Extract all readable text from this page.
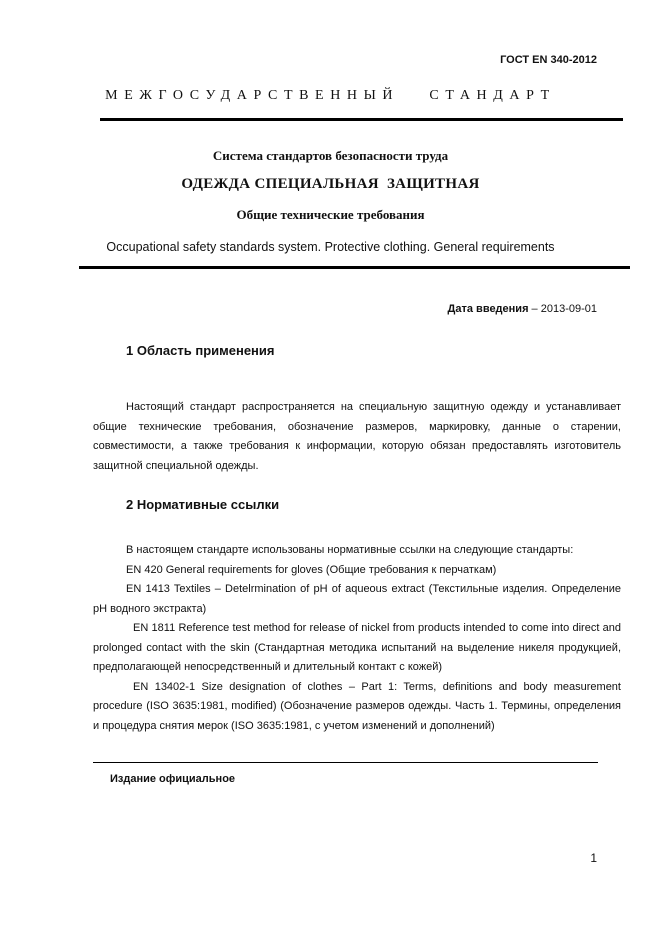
ГОСТ EN 340-2012
МЕЖГОСУДАРСТВЕННЫЙ   СТАНДАРТ
Система стандартов безопасности труда
ОДЕЖДА СПЕЦИАЛЬНАЯ  ЗАЩИТНАЯ
Общие технические требования
Occupational safety standards system. Protective clothing. General requirements
Дата введения – 2013-09-01
1 Область применения

Настоящий стандарт распространяется на специальную защитную одежду и устанавливает общие технические требования, обозначение размеров, маркировку, данные о старении, совместимости, а также требования к информации, которую обязан предоставлять изготовитель защитной специальной одежды.

2 Нормативные ссылки

В настоящем стандарте использованы нормативные ссылки на следующие стандарты:

EN 420 General requirements for gloves (Общие требования к перчаткам)

EN 1413 Textiles – Detelrmination of pH of aqueous extract (Текстильные изделия. Определение рН водного экстракта)

EN 1811 Reference test method for release of nickel from products intended to come into direct and prolonged contact with the skin (Стандартная методика испытаний на выделение никеля продукцией, предполагающей непосредственный и длительный контакт с кожей)

EN 13402-1 Size designation of clothes – Part 1: Terms, definitions and body measurement procedure (ISO 3635:1981, modified) (Обозначение размеров одежды. Часть 1. Термины, определения и процедура снятия мерок (ISO 3635:1981, с учетом изменений и дополнений)

Издание официальное
1
